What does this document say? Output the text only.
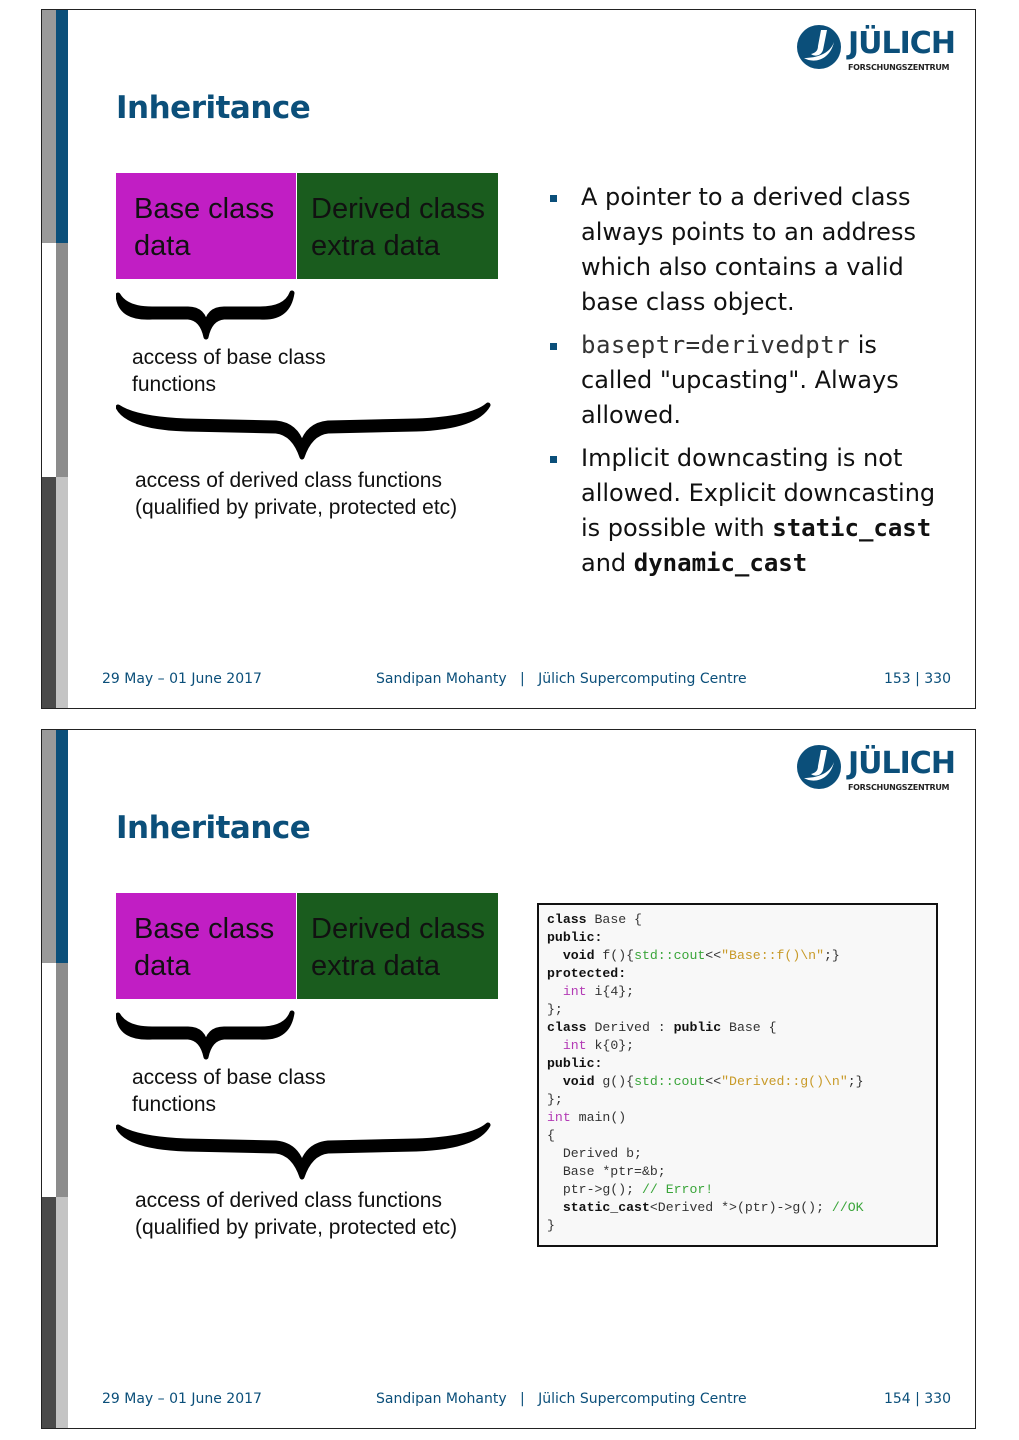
JÜLICH
FORSCHUNGSZENTRUM
Inheritance
Base class data
Derived class extra data

access of base class functions

access of derived class functions (qualified by private, protected etc)

A pointer to a derived class always points to an address which also contains a valid base class object.
baseptr=derivedptr is called "upcasting". Always allowed.
Implicit downcasting is not allowed. Explicit downcasting is possible with static_cast and dynamic_cast

29 May – 01 June 2017	Sandipan Mohanty   |   Jülich Supercomputing Centre	153 | 330

JÜLICH
FORSCHUNGSZENTRUM
Inheritance
Base class data
Derived class extra data

access of base class functions

access of derived class functions (qualified by private, protected etc)

class Base {
public:
void f(){std::cout<<"Base::f()\n";}
protected:
int i{4};
};
class Derived : public Base {
int k{0};
public:
void g(){std::cout<<"Derived::g()\n";}
};
int main()
{
Derived b;
Base *ptr=&b;
ptr->g(); // Error!
static_cast<Derived *>(ptr)->g(); //OK
}

29 May – 01 June 2017	Sandipan Mohanty   |   Jülich Supercomputing Centre	154 | 330
